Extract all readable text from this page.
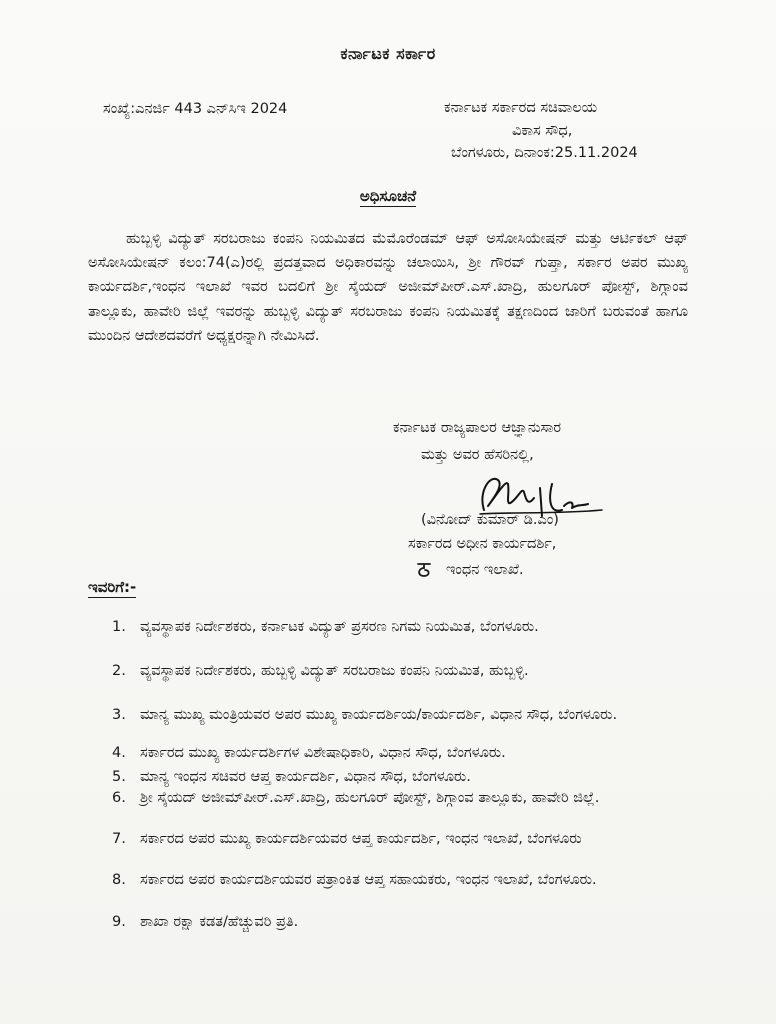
ಕರ್ನಾಟಕ ಸರ್ಕಾರ
ಸಂಖ್ಯೆ:ಎನರ್ಜಿ 443 ಎನ್‌ಸಿಇ 2024	ಕರ್ನಾಟಕ ಸರ್ಕಾರದ ಸಚಿವಾಲಯ
ವಿಕಾಸ ಸೌಧ,
ಬೆಂಗಳೂರು, ದಿನಾಂಕ:25.11.2024
ಅಧಿಸೂಚನೆ
ಹುಬ್ಬಳ್ಳಿ ವಿದ್ಯುತ್ ಸರಬರಾಜು ಕಂಪನಿ ನಿಯಮಿತದ ಮೆಮೊರೆಂಡಮ್ ಆಫ್ ಅಸೋಸಿಯೇಷನ್ ಮತ್ತು ಆರ್ಟಿಕಲ್ ಆಫ್ ಅಸೋಸಿಯೇಷನ್ ಕಲಂ:74(ಎ)ರಲ್ಲಿ ಪ್ರದತ್ತವಾದ ಅಧಿಕಾರವನ್ನು ಚಲಾಯಿಸಿ, ಶ್ರೀ ಗೌರವ್ ಗುಪ್ತಾ, ಸರ್ಕಾರ ಅಪರ ಮುಖ್ಯ ಕಾರ್ಯದರ್ಶಿ,ಇಂಧನ ಇಲಾಖೆ ಇವರ ಬದಲಿಗೆ ಶ್ರೀ ಸೈಯದ್ ಅಜೀಮ್‌ಪೀರ್.ಎಸ್.ಖಾದ್ರಿ, ಹುಲಗೂರ್ ಪೋಸ್ಟ್, ಶಿಗ್ಗಾಂವ ತಾಲ್ಲೂಕು, ಹಾವೇರಿ ಜಿಲ್ಲೆ ಇವರನ್ನು ಹುಬ್ಬಳ್ಳಿ ವಿದ್ಯುತ್ ಸರಬರಾಜು ಕಂಪನಿ ನಿಯಮಿತಕ್ಕೆ ತಕ್ಷಣದಿಂದ ಜಾರಿಗೆ ಬರುವಂತೆ ಹಾಗೂ ಮುಂದಿನ ಆದೇಶದವರೆಗೆ ಅಧ್ಯಕ್ಷರನ್ನಾಗಿ ನೇಮಿಸಿದೆ.
ಕರ್ನಾಟಕ ರಾಜ್ಯಪಾಲರ ಆಜ್ಞಾನುಸಾರ
ಮತ್ತು ಅವರ ಹೆಸರಿನಲ್ಲಿ,
(ವಿನೋದ್ ಕುಮಾರ್ ಡಿ.ಎಂ)
ಸರ್ಕಾರದ ಅಧೀನ ಕಾರ್ಯದರ್ಶಿ,
ಇಂಧನ ಇಲಾಖೆ.
ಇವರಿಗೆ:-
1. ವ್ಯವಸ್ಥಾಪಕ ನಿರ್ದೇಶಕರು, ಕರ್ನಾಟಕ ವಿದ್ಯುತ್ ಪ್ರಸರಣ ನಿಗಮ ನಿಯಮಿತ, ಬೆಂಗಳೂರು.
2. ವ್ಯವಸ್ಥಾಪಕ ನಿರ್ದೇಶಕರು, ಹುಬ್ಬಳ್ಳಿ ವಿದ್ಯುತ್ ಸರಬರಾಜು ಕಂಪನಿ ನಿಯಮಿತ, ಹುಬ್ಬಳ್ಳಿ.
3. ಮಾನ್ಯ ಮುಖ್ಯ ಮಂತ್ರಿಯವರ ಅಪರ ಮುಖ್ಯ ಕಾರ್ಯದರ್ಶಿಯ/ಕಾರ್ಯದರ್ಶಿ, ವಿಧಾನ ಸೌಧ, ಬೆಂಗಳೂರು.
4. ಸರ್ಕಾರದ ಮುಖ್ಯ ಕಾರ್ಯದರ್ಶಿಗಳ ವಿಶೇಷಾಧಿಕಾರಿ, ವಿಧಾನ ಸೌಧ, ಬೆಂಗಳೂರು.
5. ಮಾನ್ಯ ಇಂಧನ ಸಚಿವರ ಆಪ್ತ ಕಾರ್ಯದರ್ಶಿ, ವಿಧಾನ ಸೌಧ, ಬೆಂಗಳೂರು.
6. ಶ್ರೀ ಸೈಯದ್ ಅಜೀಮ್‌ಪೀರ್.ಎಸ್.ಖಾದ್ರಿ, ಹುಲಗೂರ್ ಪೋಸ್ಟ್, ಶಿಗ್ಗಾಂವ ತಾಲ್ಲೂಕು, ಹಾವೇರಿ ಜಿಲ್ಲೆ.
7. ಸರ್ಕಾರದ ಅಪರ ಮುಖ್ಯ ಕಾರ್ಯದರ್ಶಿಯವರ ಆಪ್ತ ಕಾರ್ಯದರ್ಶಿ, ಇಂಧನ ಇಲಾಖೆ, ಬೆಂಗಳೂರು
8. ಸರ್ಕಾರದ ಅಪರ ಕಾರ್ಯದರ್ಶಿಯವರ ಪತ್ರಾಂಕಿತ ಆಪ್ತ ಸಹಾಯಕರು, ಇಂಧನ ಇಲಾಖೆ, ಬೆಂಗಳೂರು.
9. ಶಾಖಾ ರಕ್ಷಾ ಕಡತ/ಹೆಚ್ಚುವರಿ ಪ್ರತಿ.
